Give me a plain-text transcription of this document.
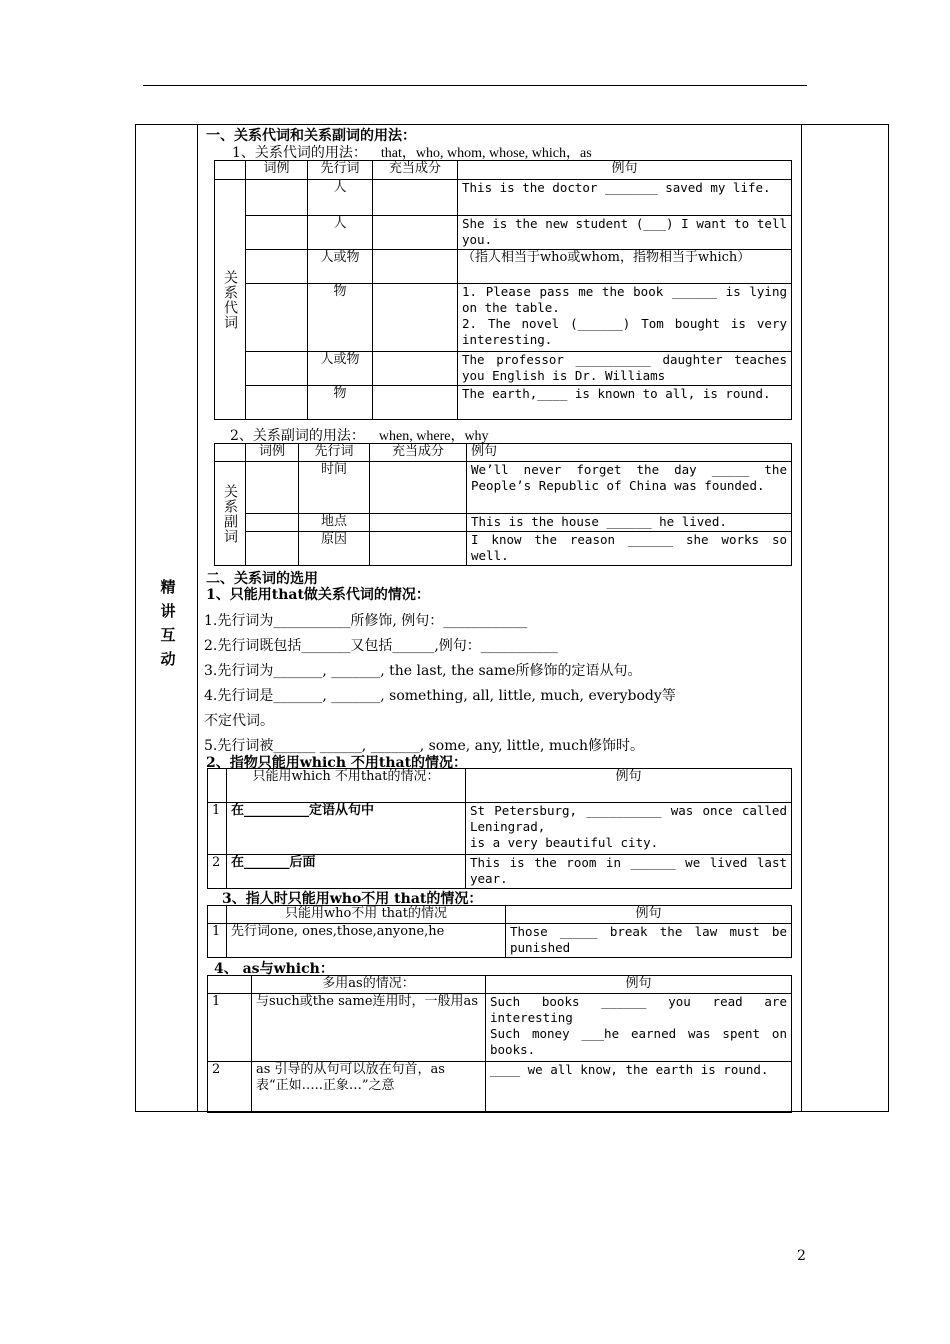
精讲互动
一、关系代词和关系副词的用法：
1、关系代词的用法： that，who, whom, whose, which，as
	词例	先行词	充当成分	例句

关系代词		人		This is the doctor _______ saved my life.
		人		She is the new student (___) I want to tell you.
		人或物		（指人相当于who或whom，指物相当于which）
		物		1. Please pass me the book ______ is lying on the table.
2. The novel (______) Tom bought is very interesting.
		人或物		The professor __________ daughter teaches you English is Dr. Williams
		物		The earth,____ is known to all, is round.
2、关系副词的用法： when, where，why
	词例	先行词	充当成分	例句

关系副词		时间		We’ll never forget the day _____ the People’s Republic of China was founded.
		地点		This is the house ______ he lived.
		原因		I know the reason ______ she works so well.
二、关系词的选用
1、只能用that做关系代词的情况：
1.先行词为___________所修饰, 例句：____________
2.先行词既包括_______又包括______,例句：___________
3.先行词为_______, _______, the last, the same所修饰的定语从句。
4.先行词是_______, _______, something, all, little, much, everybody等
不定代词。
5.先行词被______ ______, _______, some, any, little, much修饰时。
2、指物只能用which 不用that的情况：
	只能用which 不用that的情况：	例句
1	在__________定语从句中	St Petersburg, __________ was once called Leningrad,
is a very beautiful city.
2	在_______后面	This is the room in ______ we lived last year.
3、指人时只能用who不用 that的情况：
	只能用who不用 that的情况	例句
1	先行词one, ones,those,anyone,he	Those _____ break the law must be punished
4、 as与which：
	多用as的情况：	例句
1	与such或the same连用时，一般用as	Such books ______ you read are interesting
Such money ___he earned was spent on books.
2	as 引导的从句可以放在句首，as 表“正如…..正象…”之意	____ we all know, the earth is round.
2
